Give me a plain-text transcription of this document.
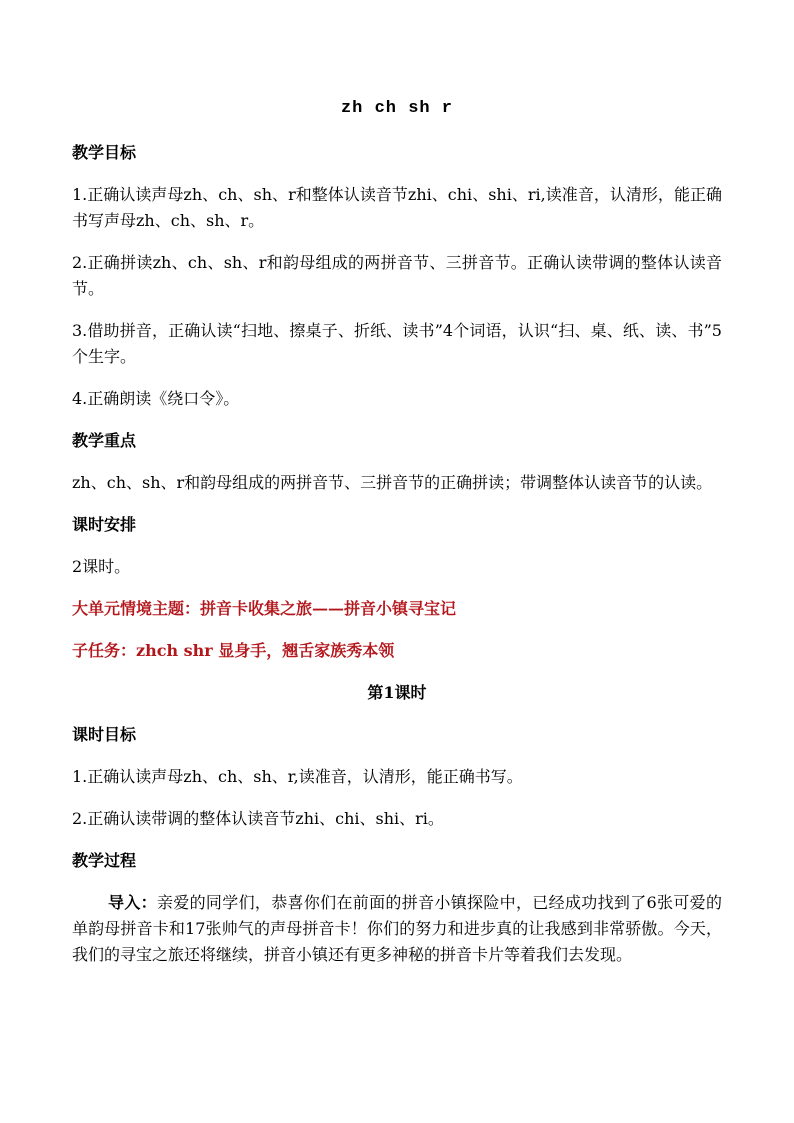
zh ch sh r
教学目标

1.正确认读声母zh、ch、sh、r和整体认读音节zhi、chi、shi、ri,读准音，认清形，能正确书写声母zh、ch、sh、r。

2.正确拼读zh、ch、sh、r和韵母组成的两拼音节、三拼音节。正确认读带调的整体认读音节。

3.借助拼音，正确认读“扫地、擦桌子、折纸、读书”4个词语，认识“扫、桌、纸、读、书”5个生字。

4.正确朗读《绕口令》。

教学重点

zh、ch、sh、r和韵母组成的两拼音节、三拼音节的正确拼读；带调整体认读音节的认读。

课时安排

2课时。

大单元情境主题：拼音卡收集之旅——拼音小镇寻宝记
子任务：zhch shr 显身手，翘舌家族秀本领
第1课时
课时目标

1.正确认读声母zh、ch、sh、r,读准音，认清形，能正确书写。

2.正确认读带调的整体认读音节zhi、chi、shi、ri。

教学过程

导入：亲爱的同学们，恭喜你们在前面的拼音小镇探险中，已经成功找到了6张可爱的单韵母拼音卡和17张帅气的声母拼音卡！你们的努力和进步真的让我感到非常骄傲。今天，我们的寻宝之旅还将继续，拼音小镇还有更多神秘的拼音卡片等着我们去发现。
